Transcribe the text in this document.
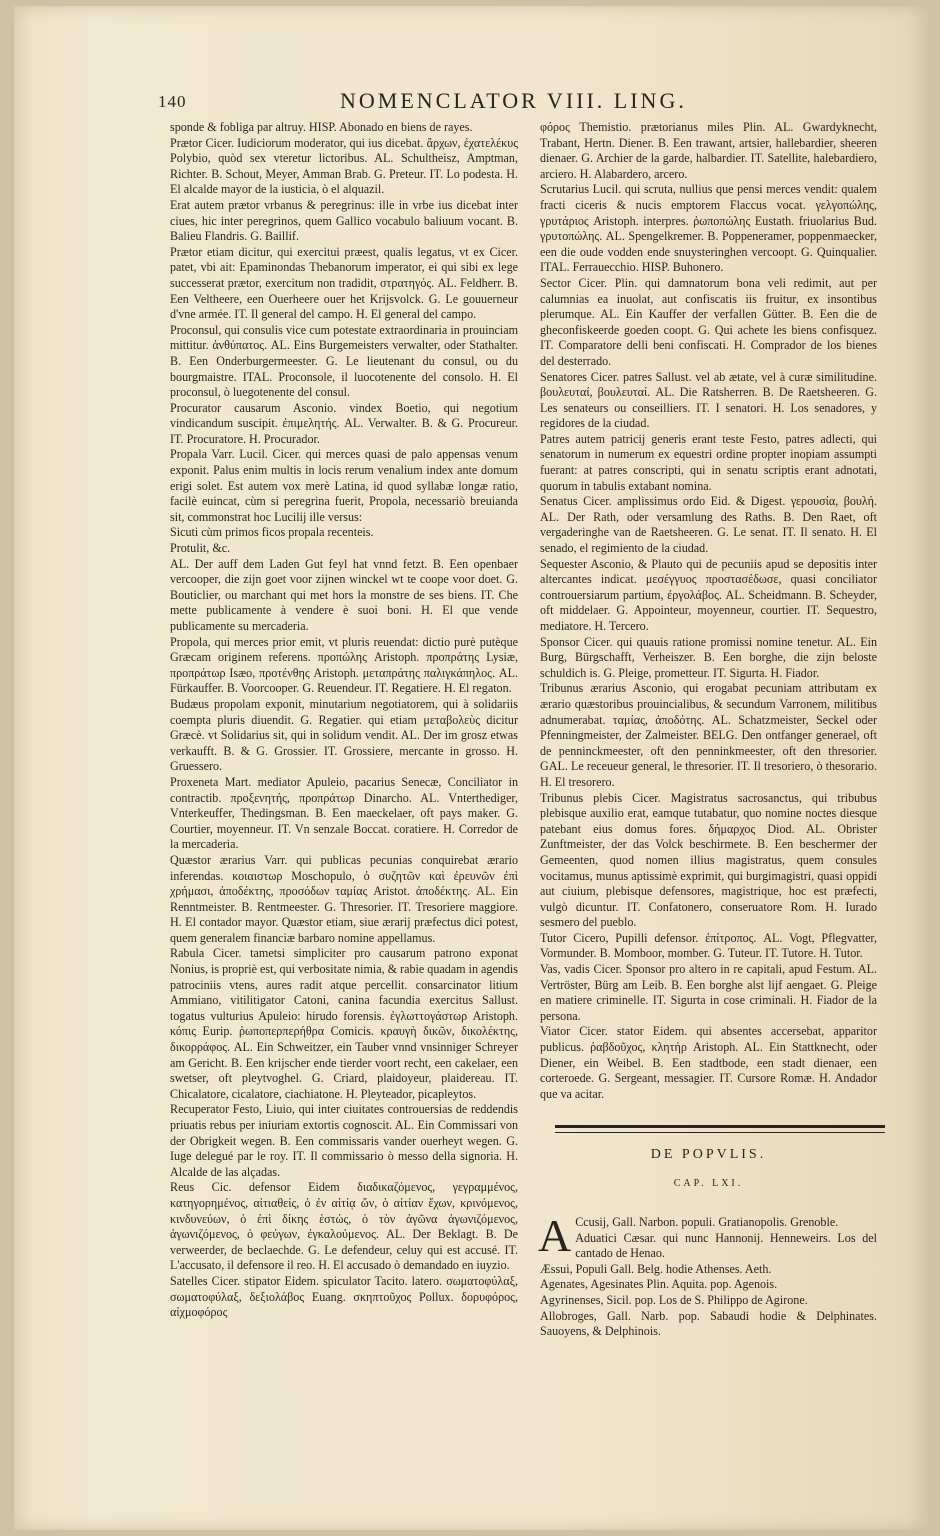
140	NOMENCLATOR VIII. LING.

sponde & fobliga par altruy. HISP. Abonado en biens de rayes.

Prætor Cicer. Iudiciorum moderator, qui ius dicebat. ἄρχων, ἐχατελέκυς Polybio, quòd sex vteretur lictoribus. AL. Schultheisz, Amptman, Richter. B. Schout, Meyer, Amman Brab. G. Preteur. IT. Lo podesta. H. El alcalde mayor de la iusticia, ò el alquazil.

Erat autem prætor vrbanus & peregrinus: ille in vrbe ius dicebat inter ciues, hic inter peregrinos, quem Gallico vocabulo baliuum vocant. B. Balieu Flandris. G. Baillif.

Prætor etiam dicitur, qui exercitui præest, qualis legatus, vt ex Cicer. patet, vbi ait: Epaminondas Thebanorum imperator, ei qui sibi ex lege successerat prætor, exercitum non tradidit, στρατηγός. AL. Feldherr. B. Een Veltheere, een Ouerheere ouer het Krijsvolck. G. Le gouuerneur d'vne armée. IT. Il general del campo. H. El general del campo.

Proconsul, qui consulis vice cum potestate extraordinaria in prouinciam mittitur. ἀνθύπατος. AL. Eins Burgemeisters verwalter, oder Stathalter. B. Een Onderburgermeester. G. Le lieutenant du consul, ou du bourgmaistre. ITAL. Proconsole, il luocotenente del consolo. H. El proconsul, ò luegotenente del consul.

Procurator causarum Asconio. vindex Boetio, qui negotium vindicandum suscipit. ἐπιμελητής. AL. Verwalter. B. & G. Procureur. IT. Procuratore. H. Procurador.

Propala Varr. Lucil. Cicer. qui merces quasi de palo appensas venum exponit. Palus enim multis in locis rerum venalium index ante domum erigi solet. Est autem vox merè Latina, id quod syllabæ longæ ratio, facilè euincat, cùm si peregrina fuerit, Propola, necessariò breuianda sit, commonstrat hoc Lucilij ille versus:

Sicuti cùm primos ficos propala recenteis.

Protulit, &c.

AL. Der auff dem Laden Gut feyl hat vnnd fetzt. B. Een openbaer vercooper, die zijn goet voor zijnen winckel wt te coope voor doet. G. Bouticlier, ou marchant qui met hors la monstre de ses biens. IT. Che mette publicamente à vendere è suoi boni. H. El que vende publicamente su mercaderia.

Propola, qui merces prior emit, vt pluris reuendat: dictio purè putèque Græcam originem referens. προπώλης Aristoph. προπράτης Lysiæ, προπράτωρ Isæo, προτένθης Aristoph. μεταπράτης παλιγκάπηλος. AL. Fürkauffer. B. Voorcooper. G. Reuendeur. IT. Regatiere. H. El regaton.

Budæus propolam exponit, minutarium negotiatorem, qui à solidariis coempta pluris diuendit. G. Regatier. qui etiam μεταβολεὺς dicitur Græcè. vt Solidarius sit, qui in solidum vendit. AL. Der im grosz etwas verkaufft. B. & G. Grossier. IT. Grossiere, mercante in grosso. H. Gruessero.

Proxeneta Mart. mediator Apuleio, pacarius Senecæ, Conciliator in contractib. προξενητής, προπράτωρ Dinarcho. AL. Vnterthediger, Vnterkeuffer, Thedingsman. B. Een maeckelaer, oft pays maker. G. Courtier, moyenneur. IT. Vn senzale Boccat. coratiere. H. Corredor de la mercaderia.

Quæstor ærarius Varr. qui publicas pecunias conquirebat ærario inferendas. κοιαιστωρ Moschopulo, ὁ συζητῶν καὶ ἐρευνῶν ἐπὶ χρήμασι, ἀποδέκτης, προσόδων ταμίας Aristot. ἀποδέκτης. AL. Ein Renntmeister. B. Rentmeester. G. Thresorier. IT. Tresoriere maggiore. H. El contador mayor. Quæstor etiam, siue ærarij præfectus dici potest, quem generalem financiæ barbaro nomine appellamus.

Rabula Cicer. tametsi simpliciter pro causarum patrono exponat Nonius, is propriè est, qui verbositate nimia, & rabie quadam in agendis patrociniis vtens, aures radit atque percellit. consarcinator litium Ammiano, vitilitigator Catoni, canina facundia exercitus Sallust. togatus vulturius Apuleio: hirudo forensis. ἐγλωττογάστωρ Aristoph. κόπις Eurip. ῥωποπερπερήθρα Comicis. κραυγὴ δικῶν, δικολέκτης, δικορράφος. AL. Ein Schweitzer, ein Tauber vnnd vnsinniger Schreyer am Gericht. B. Een krijscher ende tierder voort recht, een cakelaer, een swetser, oft pleytvoghel. G. Criard, plaidoyeur, plaidereau. IT. Chicalatore, cicalatore, ciachiatone. H. Pleyteador, picapleytos.

Recuperator Festo, Liuio, qui inter ciuitates controuersias de reddendis priuatis rebus per iniuriam extortis cognoscit. AL. Ein Commissari von der Obrigkeit wegen. B. Een commissaris vander ouerheyt wegen. G. Iuge delegué par le roy. IT. Il commissario ò messo della signoria. H. Alcalde de las alçadas.

Reus Cic. defensor Eidem διαδικαζόμενος, γεγραμμένος, κατηγορημένος, αἰτιαθείς, ὁ ἐν αἰτίᾳ ὤν, ὁ αἰτίαν ἔχων, κρινόμενος, κινδυνεύων, ὁ ἐπὶ δίκης ἑστώς, ὁ τὸν ἀγῶνα ἀγωνιζόμενος, ἀγωνιζόμενος, ὁ φεύγων, ἐγκαλούμενος. AL. Der Beklagt. B. De verweerder, de beclaechde. G. Le defendeur, celuy qui est accusé. IT. L'accusato, il defensore il reo. H. El accusado ò demandado en iuyzio.

Satelles Cicer. stipator Eidem. spiculator Tacito. latero. σωματοφύλαξ, σωματοφύλαξ, δεξιολάβος Euang. σκηπτοῦχος Pollux. δορυφόρος, αἰχμοφόρος

φόρος Themistio. prætorianus miles Plin. AL. Gwardyknecht, Trabant, Hertn. Diener. B. Een trawant, artsier, hallebardier, sheeren dienaer. G. Archier de la garde, halbardier. IT. Satellite, halebardiero, arciero. H. Alabardero, arcero.

Scrutarius Lucil. qui scruta, nullius que pensi merces vendit: qualem fracti ciceris & nucis emptorem Flaccus vocat. γελγοπώλης, γρυτάριος Aristoph. interpres. ῥωποπώλης Eustath. friuolarius Bud. γρυτοπώλης. AL. Spengelkremer. B. Poppeneramer, poppenmaecker, een die oude vodden ende snuysteringhen vercoopt. G. Quinqualier. ITAL. Ferrauecchio. HISP. Buhonero.

Sector Cicer. Plin. qui damnatorum bona veli redimit, aut per calumnias ea inuolat, aut confiscatis iis fruitur, ex insontibus plerumque. AL. Ein Kauffer der verfallen Gütter. B. Een die de gheconfiskeerde goeden coopt. G. Qui achete les biens confisquez. IT. Comparatore delli beni confiscati. H. Comprador de los bienes del desterrado.

Senatores Cicer. patres Sallust. vel ab ætate, vel à curæ similitudine. βουλευταί, βουλευταί. AL. Die Ratsherren. B. De Raetsheeren. G. Les senateurs ou conseilliers. IT. I senatori. H. Los senadores, y regidores de la ciudad.

Patres autem patricij generis erant teste Festo, patres adlecti, qui senatorum in numerum ex equestri ordine propter inopiam assumpti fuerant: at patres conscripti, qui in senatu scriptis erant adnotati, quorum in tabulis extabant nomina.

Senatus Cicer. amplissimus ordo Eid. & Digest. γερουσία, βουλή. AL. Der Rath, oder versamlung des Raths. B. Den Raet, oft vergaderinghe van de Raetsheeren. G. Le senat. IT. Il senato. H. El senado, el regimiento de la ciudad.

Sequester Asconio, & Plauto qui de pecuniis apud se depositis inter altercantes indicat. μεσέγγυος προστασέδωσε, quasi conciliator controuersiarum partium, ἐργολάβος. AL. Scheidmann. B. Scheyder, oft middelaer. G. Appointeur, moyenneur, courtier. IT. Sequestro, mediatore. H. Tercero.

Sponsor Cicer. qui quauis ratione promissi nomine tenetur. AL. Ein Burg, Bürgschafft, Verheiszer. B. Een borghe, die zijn beloste schuldich is. G. Pleige, prometteur. IT. Sigurta. H. Fiador.

Tribunus ærarius Asconio, qui erogabat pecuniam attributam ex ærario quæstoribus prouincialibus, & secundum Varronem, militibus adnumerabat. ταμίας, ἀποδότης. AL. Schatzmeister, Seckel oder Pfenningmeister, der Zalmeister. BELG. Den ontfanger generael, oft de penninckmeester, oft den penninkmeester, oft den thresorier. GAL. Le receueur general, le thresorier. IT. Il tresoriero, ò thesorario. H. El tresorero.

Tribunus plebis Cicer. Magistratus sacrosanctus, qui tribubus plebisque auxilio erat, eamque tutabatur, quo nomine noctes diesque patebant eius domus fores. δήμαρχος Diod. AL. Obrister Zunftmeister, der das Volck beschirmete. B. Een beschermer der Gemeenten, quod nomen illius magistratus, quem consules vocitamus, munus aptissimè exprimit, qui burgimagistri, quasi oppidi aut ciuium, plebisque defensores, magistrique, hoc est præfecti, vulgò dicuntur. IT. Confatonero, conseruatore Rom. H. Iurado sesmero del pueblo.

Tutor Cicero, Pupilli defensor. ἐπίτροπος. AL. Vogt, Pflegvatter, Vormunder. B. Momboor, momber. G. Tuteur. IT. Tutore. H. Tutor.

Vas, vadis Cicer. Sponsor pro altero in re capitali, apud Festum. AL. Vertröster, Bürg am Leib. B. Een borghe alst lijf aengaet. G. Pleige en matiere criminelle. IT. Sigurta in cose criminali. H. Fiador de la persona.

Viator Cicer. stator Eidem. qui absentes accersebat, apparitor publicus. ῥαβδοῦχος, κλητήρ Aristoph. AL. Ein Stattknecht, oder Diener, ein Weibel. B. Een stadtbode, een stadt dienaer, een corteroede. G. Sergeant, messagier. IT. Cursore Romæ. H. Andador que va acitar.

DE POPVLIS.
CAP. LXI.

A Ccusij, Gall. Narbon. populi. Gratianopolis. Grenoble.

Aduatici Cæsar. qui nunc Hannonij. Henneweirs. Los del cantado de Henao.

Æssui, Populi Gall. Belg. hodie Athenses. Aeth.

Agenates, Agesinates Plin. Aquita. pop. Agenois.

Agyrinenses, Sicil. pop. Los de S. Philippo de Agirone.

Allobroges, Gall. Narb. pop. Sabaudi hodie & Delphinates. Sauoyens, & Delphinois.
